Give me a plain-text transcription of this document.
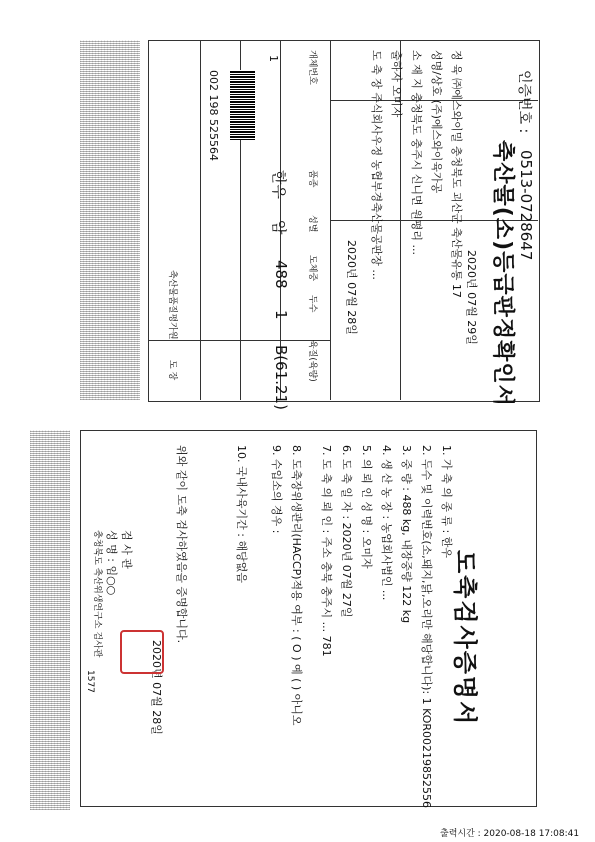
축산물(소)등급판정확인서
인증번호 :
0513-0728647
2020년 07월 29일
정 육 ㈜에스와이밀 충청북도 괴산군 축산물유통 17
성명/상호 (주)에스와이육가공
소 재 지 충청북도 충주시 신니면 원평리 ...
출하자 오미자
도 축 장 주식회사우정 농협부경축산물공판장 ...
2020년 07월 28일
개체번호
품종
성별
도체중
두수
육질(육량)
1
002 198 525564
한우
암
488
1
B(61.21)
축산물품질평가원
도 장
도축검사증명서
1. 가 축 의 종 류 : 한우
2. 두수 및 이력번호(소,돼지,닭,오리만 해당합니다): 1 KOR00219852556
3. 중 량 : 488 kg, 내장중량 122 kg
4. 생 산 농 장 : 농업회사법인 ...
5. 의 뢰 인 성 명 : 오미자
6. 도 축 일 자 : 2020년 07월 27일
7. 도 축 의 뢰 인 : 주소 충북 충주시 ... 781
8. 도축장위생관리(HACCP)적용 여부 : ( O ) 예 ( ) 아니오
9. 수입소의 경우 :
10. 국내사육기간 : 해당없음
위와 같이 도축 검사하였음을 증명합니다.
2020년 07월 28일
검 사 관
성 명 : 임○○
충청북도 축산위생연구소 검사관
1577
출력시간 : 2020-08-18 17:08:41
